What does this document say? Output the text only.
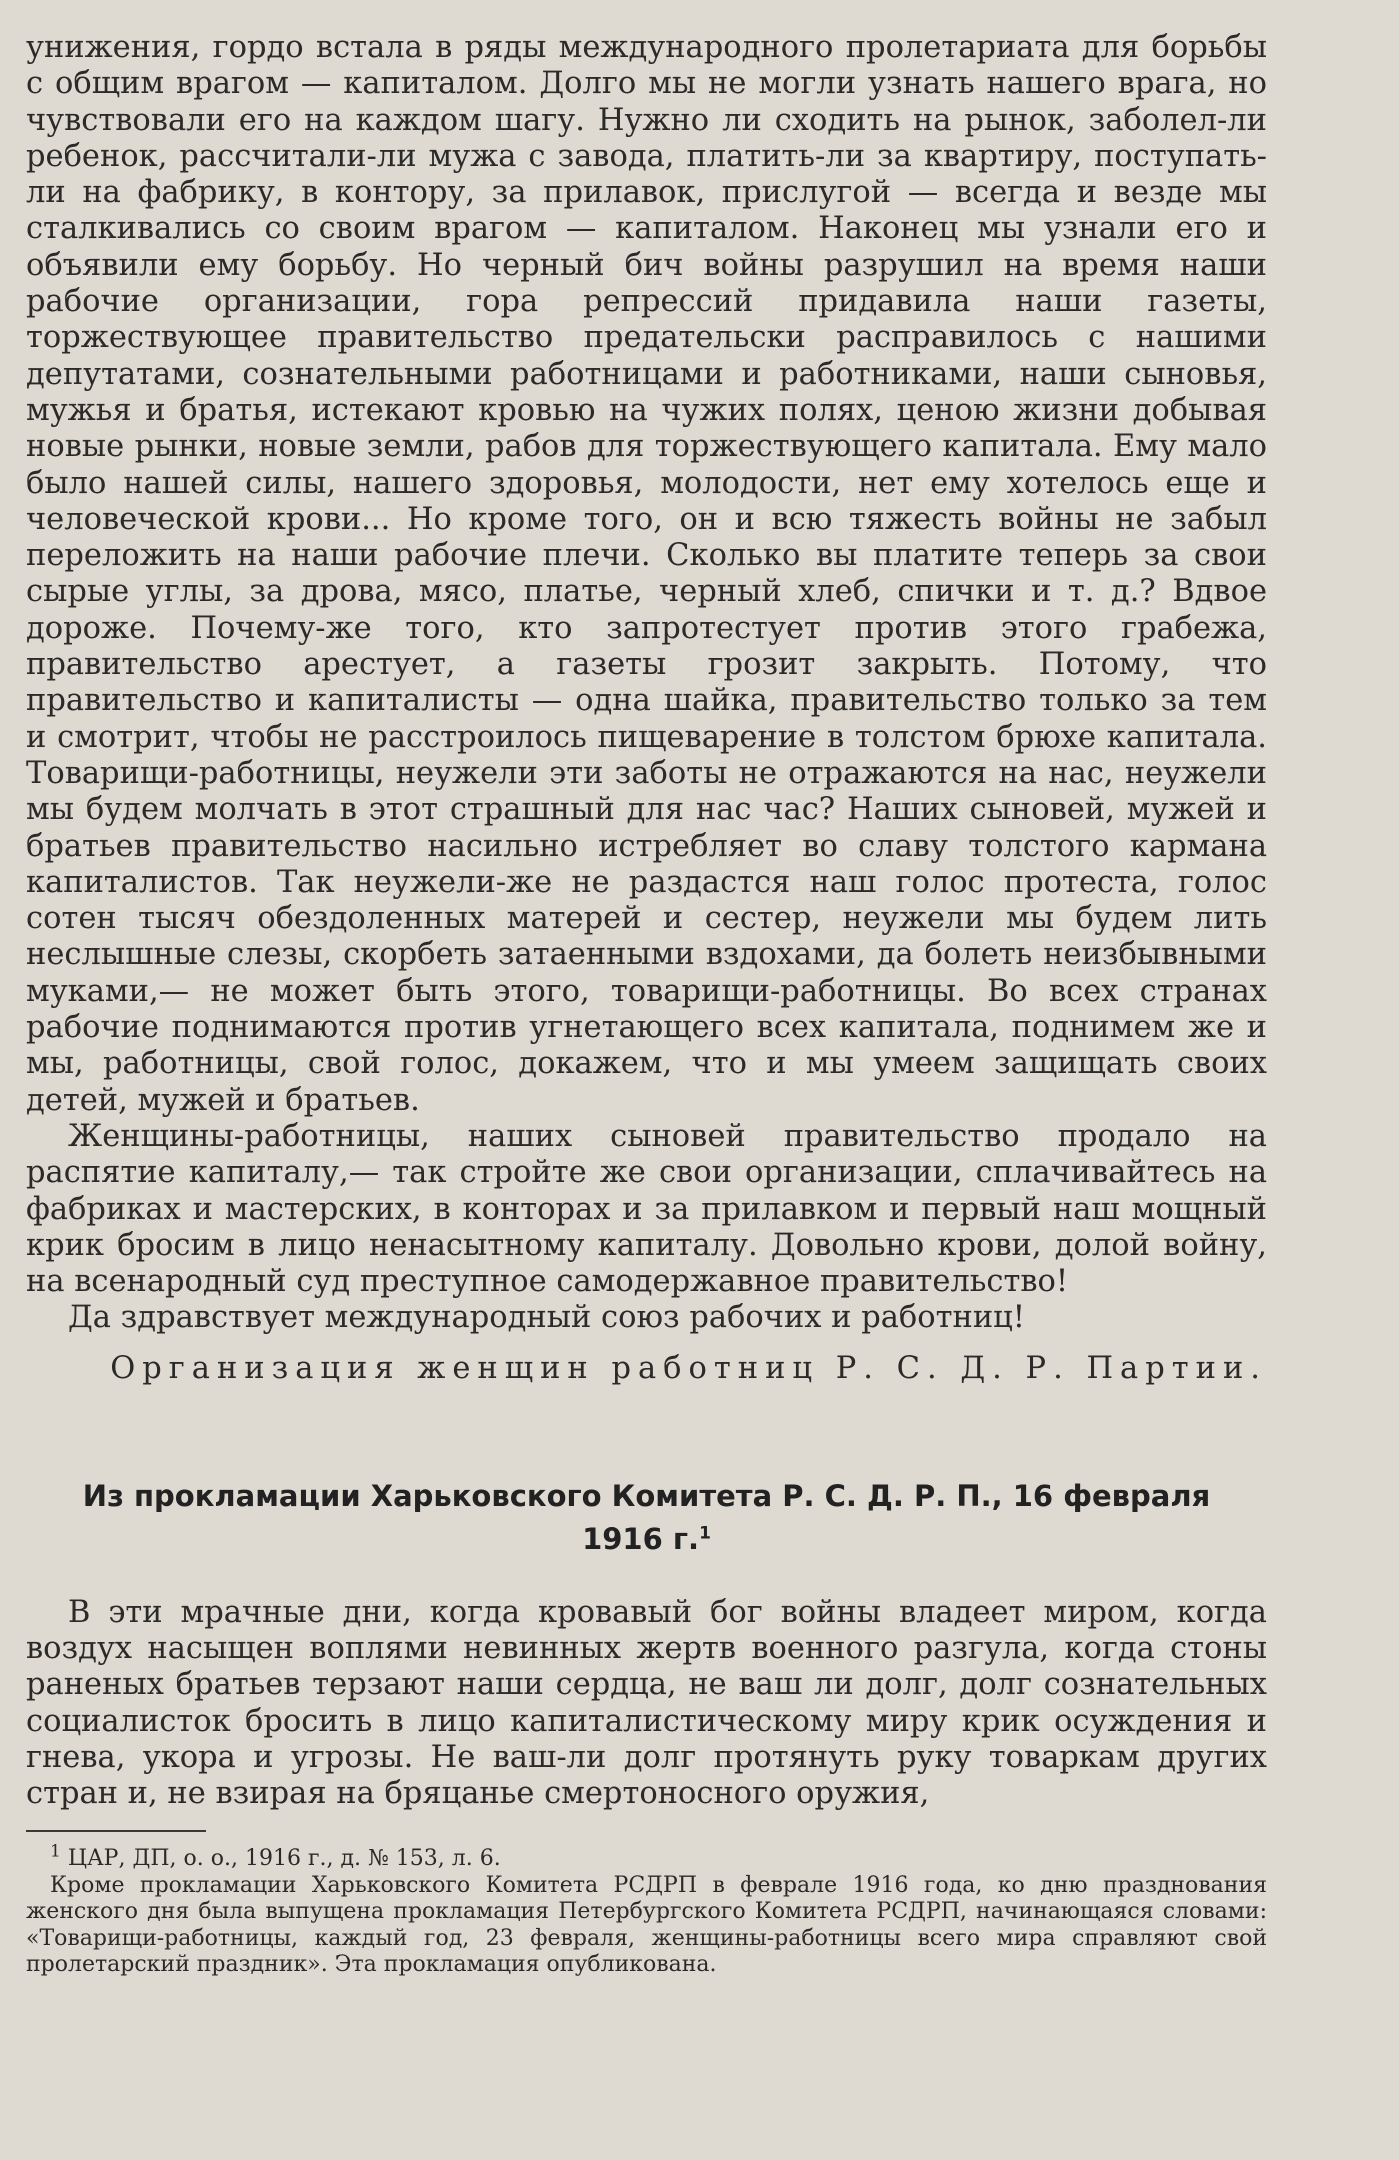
унижения, гордо встала в ряды международного пролетариата для борьбы с общим врагом — капиталом. Долго мы не могли узнать нашего врага, но чувствовали его на каждом шагу. Нужно ли сходить на рынок, заболел-ли ребенок, рассчитали-ли мужа с завода, платить-ли за квартиру, поступать-ли на фабрику, в контору, за прилавок, прислугой — всегда и везде мы сталкивались со своим врагом — капиталом. Наконец мы узнали его и объявили ему борьбу. Но черный бич войны разрушил на время наши рабочие организации, гора репрессий придавила наши газеты, торжествующее правительство предательски расправилось с нашими депутатами, сознательными работницами и работниками, наши сыновья, мужья и братья, истекают кровью на чужих полях, ценою жизни добывая новые рынки, новые земли, рабов для торжествующего капитала. Ему мало было нашей силы, нашего здоровья, молодости, нет ему хотелось еще и человеческой крови... Но кроме того, он и всю тяжесть войны не забыл переложить на наши рабочие плечи. Сколько вы платите теперь за свои сырые углы, за дрова, мясо, платье, черный хлеб, спички и т. д.? Вдвое дороже. Почему-же того, кто запротестует против этого грабежа, правительство арестует, а газеты грозит закрыть. Потому, что правительство и капиталисты — одна шайка, правительство только за тем и смотрит, чтобы не расстроилось пищеварение в толстом брюхе капитала. Товарищи-работницы, неужели эти заботы не отражаются на нас, неужели мы будем молчать в этот страшный для нас час? Наших сыновей, мужей и братьев правительство насильно истребляет во славу толстого кармана капиталистов. Так неужели-же не раздастся наш голос протеста, голос сотен тысяч обездоленных матерей и сестер, неужели мы будем лить неслышные слезы, скорбеть затаенными вздохами, да болеть неизбывными муками,— не может быть этого, товарищи-работницы. Во всех странах рабочие поднимаются против угнетающего всех капитала, поднимем же и мы, работницы, свой голос, докажем, что и мы умеем защищать своих детей, мужей и братьев.

Женщины-работницы, наших сыновей правительство продало на распятие капиталу,— так стройте же свои организации, сплачивайтесь на фабриках и мастерских, в конторах и за прилавком и первый наш мощный крик бросим в лицо ненасытному капиталу. Довольно крови, долой войну, на всенародный суд преступное самодержавное правительство!

Да здравствует международный союз рабочих и работниц!

Организация женщин работниц Р. С. Д. Р. Партии.

Из прокламации Харьковского Комитета Р. С. Д. Р. П., 16 февраля 1916 г.$^1$

В эти мрачные дни, когда кровавый бог войны владеет миром, когда воздух насыщен воплями невинных жертв военного разгула, когда стоны раненых братьев терзают наши сердца, не ваш ли долг, долг сознательных социалисток бросить в лицо капиталистическому миру крик осуждения и гнева, укора и угрозы. Не ваш-ли долг протянуть руку товаркам других стран и, не взирая на бряцанье смертоносного оружия,

$^1$ ЦАР, ДП, о. о., 1916 г., д. № 153, л. 6.

Кроме прокламации Харьковского Комитета РСДРП в феврале 1916 года, ко дню празднования женского дня была выпущена прокламация Петербургского Комитета РСДРП, начинающаяся словами: «Товарищи-работницы, каждый год, 23 февраля, женщины-работницы всего мира справляют свой пролетарский праздник». Эта прокламация опубликована.
